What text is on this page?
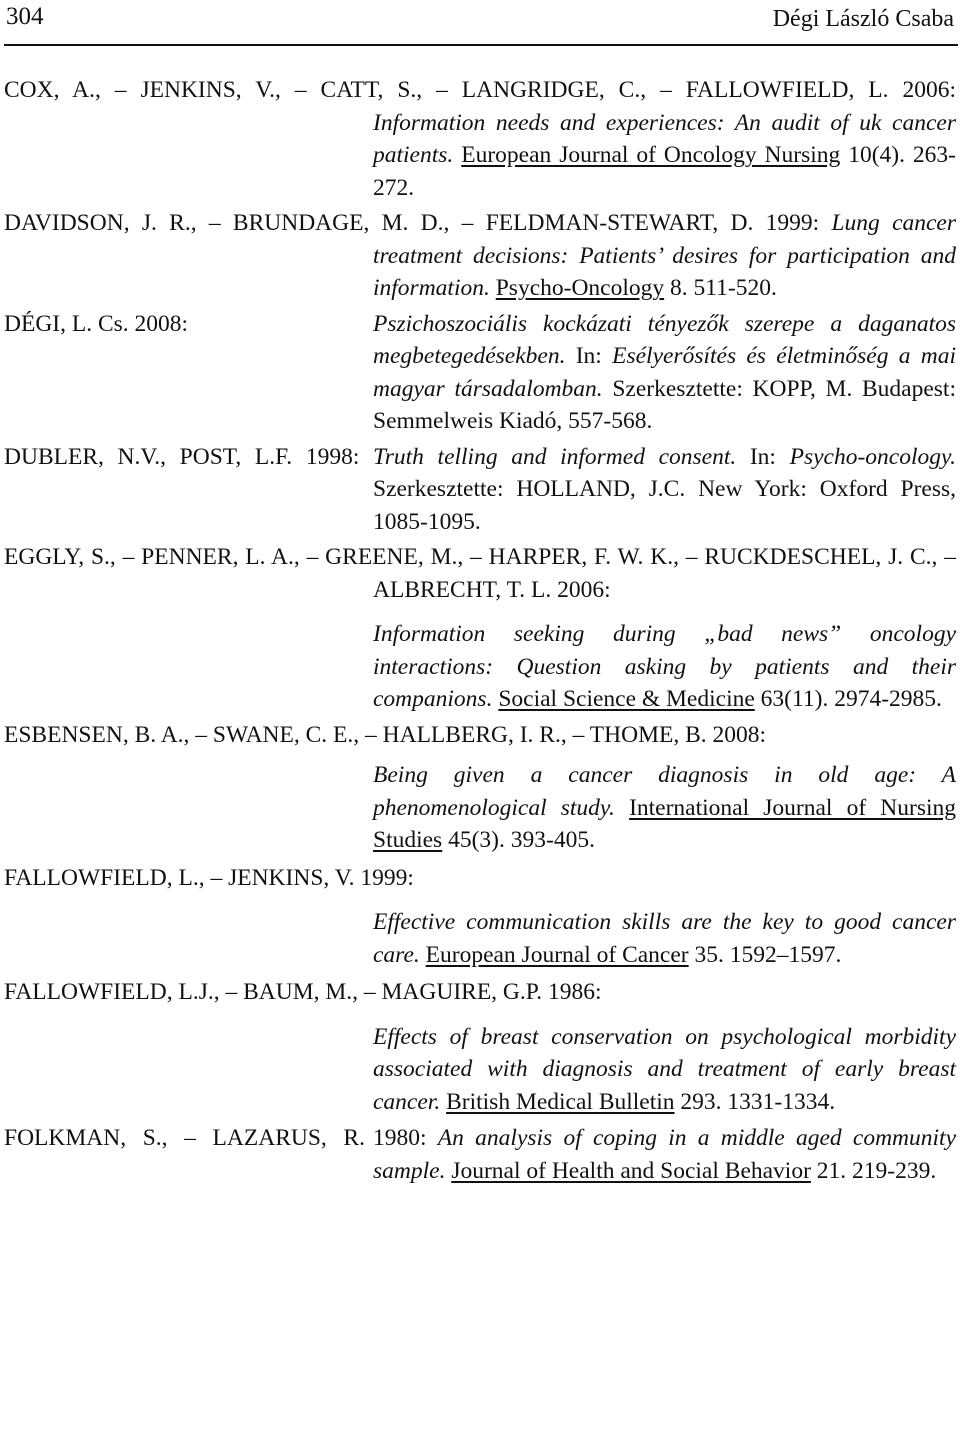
304	Dégi László Csaba
COX, A., – JENKINS, V., – CATT, S., – LANGRIDGE, C., – FALLOWFIELD, L. 2006: Information needs and experiences: An audit of uk cancer patients. European Journal of Oncology Nursing 10(4). 263-272.
DAVIDSON, J. R., – BRUNDAGE, M. D., – FELDMAN-STEWART, D. 1999: Lung cancer treatment decisions: Patients’ desires for participation and information. Psycho-Oncology 8. 511-520.
DÉGI, L. Cs. 2008:	Pszichoszociális kockázati tényezők szerepe a daganatos megbetegedésekben. In: Esélyerősítés és életminőség a mai magyar társadalomban. Szerkesztette: KOPP, M. Budapest: Semmelweis Kiadó, 557-568.
DUBLER, N.V., POST, L.F. 1998: Truth telling and informed consent. In: Psycho-oncology. Szerkesztette: HOLLAND, J.C. New York: Oxford Press, 1085-1095.
EGGLY, S., – PENNER, L. A., – GREENE, M., – HARPER, F. W. K., – RUCKDESCHEL, J. C., – ALBRECHT, T. L. 2006:
Information seeking during „bad news” oncology interactions: Question asking by patients and their companions. Social Science & Medicine 63(11). 2974-2985.
ESBENSEN, B. A., – SWANE, C. E., – HALLBERG, I. R., – THOME, B. 2008:
Being given a cancer diagnosis in old age: A phenomenological study. International Journal of Nursing Studies 45(3). 393-405.
FALLOWFIELD, L., – JENKINS, V. 1999:
Effective communication skills are the key to good cancer care. European Journal of Cancer 35. 1592–1597.
FALLOWFIELD, L.J., – BAUM, M., – MAGUIRE, G.P. 1986:
Effects of breast conservation on psychological morbidity associated with diagnosis and treatment of early breast cancer. British Medical Bulletin 293. 1331-1334.
FOLKMAN, S., – LAZARUS, R. 1980: An analysis of coping in a middle aged community sample. Journal of Health and Social Behavior 21. 219-239.
